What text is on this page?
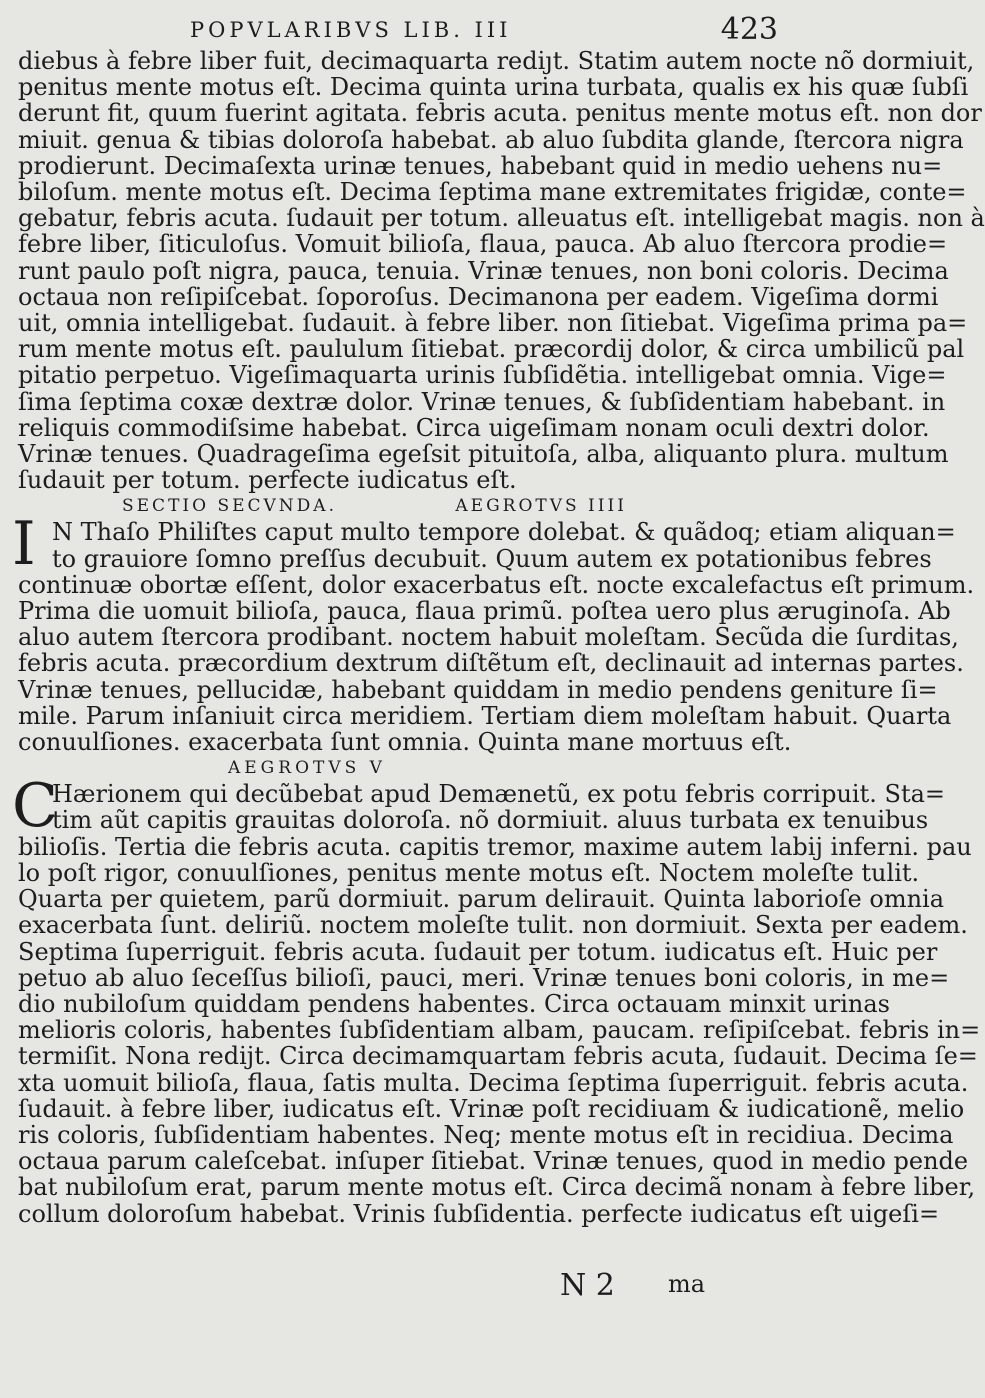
POPVLARIBVS LIB. III	423
diebus à febre liber fuit, decimaquarta rediȷt. Statim autem nocte nõ dormiuit,
penitus mente motus eſt. Decima quinta urina turbata, qualis ex his quæ ſubſi
derunt fit, quum fuerint agitata. febris acuta. penitus mente motus eſt. non dor
miuit. genua & tibias doloroſa habebat. ab aluo ſubdita glande, ſtercora nigra
prodierunt. Decimaſexta urinæ tenues, habebant quid in medio uehens nu=
biloſum. mente motus eſt. Decima ſeptima mane extremitates frigidæ, conte=
gebatur, febris acuta. ſudauit per totum. alleuatus eſt. intelligebat magis. non à
febre liber, ſiticuloſus. Vomuit bilioſa, flaua, pauca. Ab aluo ſtercora prodie=
runt paulo poſt nigra, pauca, tenuia. Vrinæ tenues, non boni coloris. Decima
octaua non reſipiſcebat. ſoporoſus. Decimanona per eadem. Vigeſima dormi
uit, omnia intelligebat. ſudauit. à febre liber. non ſitiebat. Vigeſima prima pa=
rum mente motus eſt. paululum ſitiebat. præcordij dolor, & circa umbilicũ pal
pitatio perpetuo. Vigeſimaquarta urinis ſubſidẽtia. intelligebat omnia. Vige=
ſima ſeptima coxæ dextræ dolor. Vrinæ tenues, & ſubſidentiam habebant. in
reliquis commodiſsime habebat. Circa uigeſimam nonam oculi dextri dolor.
Vrinæ tenues. Quadrageſima egeſsit pituitoſa, alba, aliquanto plura. multum
ſudauit per totum. perfecte iudicatus eſt.
SECTIO SECVNDA.	AEGROTVS IIII
I N Thaſo Philiſtes caput multo tempore dolebat. & quãdoq; etiam aliquan=
to grauiore ſomno preſſus decubuit. Quum autem ex potationibus febres
continuæ obortæ eſſent, dolor exacerbatus eſt. nocte excalefactus eſt primum.
Prima die uomuit bilioſa, pauca, flaua primũ. poſtea uero plus æruginoſa. Ab
aluo autem ſtercora prodibant. noctem habuit moleſtam. Secũda die ſurditas,
febris acuta. præcordium dextrum diſtẽtum eſt, declinauit ad internas partes.
Vrinæ tenues, pellucidæ, habebant quiddam in medio pendens geniture ſi=
mile. Parum inſaniuit circa meridiem. Tertiam diem moleſtam habuit. Quarta
conuulſiones. exacerbata ſunt omnia. Quinta mane mortuus eſt.
AEGROTVS V
C
Hærionem qui decũbebat apud Demænetũ, ex potu febris corripuit. Sta=
tim aũt capitis grauitas doloroſa. nõ dormiuit. aluus turbata ex tenuibus
bilioſis. Tertia die febris acuta. capitis tremor, maxime autem labij inferni. pau
lo poſt rigor, conuulſiones, penitus mente motus eſt. Noctem moleſte tulit.
Quarta per quietem, parũ dormiuit. parum delirauit. Quinta laborioſe omnia
exacerbata ſunt. deliriũ. noctem moleſte tulit. non dormiuit. Sexta per eadem.
Septima ſuperriguit. febris acuta. ſudauit per totum. iudicatus eſt. Huic per
petuo ab aluo ſeceſſus bilioſi, pauci, meri. Vrinæ tenues boni coloris, in me=
dio nubiloſum quiddam pendens habentes. Circa octauam minxit urinas
melioris coloris, habentes ſubſidentiam albam, paucam. reſipiſcebat. febris in=
termiſit. Nona redijt. Circa decimamquartam febris acuta, ſudauit. Decima ſe=
xta uomuit bilioſa, flaua, ſatis multa. Decima ſeptima ſuperriguit. febris acuta.
ſudauit. à febre liber, iudicatus eſt. Vrinæ poſt recidiuam & iudicationẽ, melio
ris coloris, ſubſidentiam habentes. Neq; mente motus eſt in recidiua. Decima
octaua parum caleſcebat. inſuper ſitiebat. Vrinæ tenues, quod in medio pende
bat nubiloſum erat, parum mente motus eſt. Circa decimã nonam à febre liber,
collum doloroſum habebat. Vrinis ſubſidentia. perfecte iudicatus eſt uigeſi=
N 2 ma
